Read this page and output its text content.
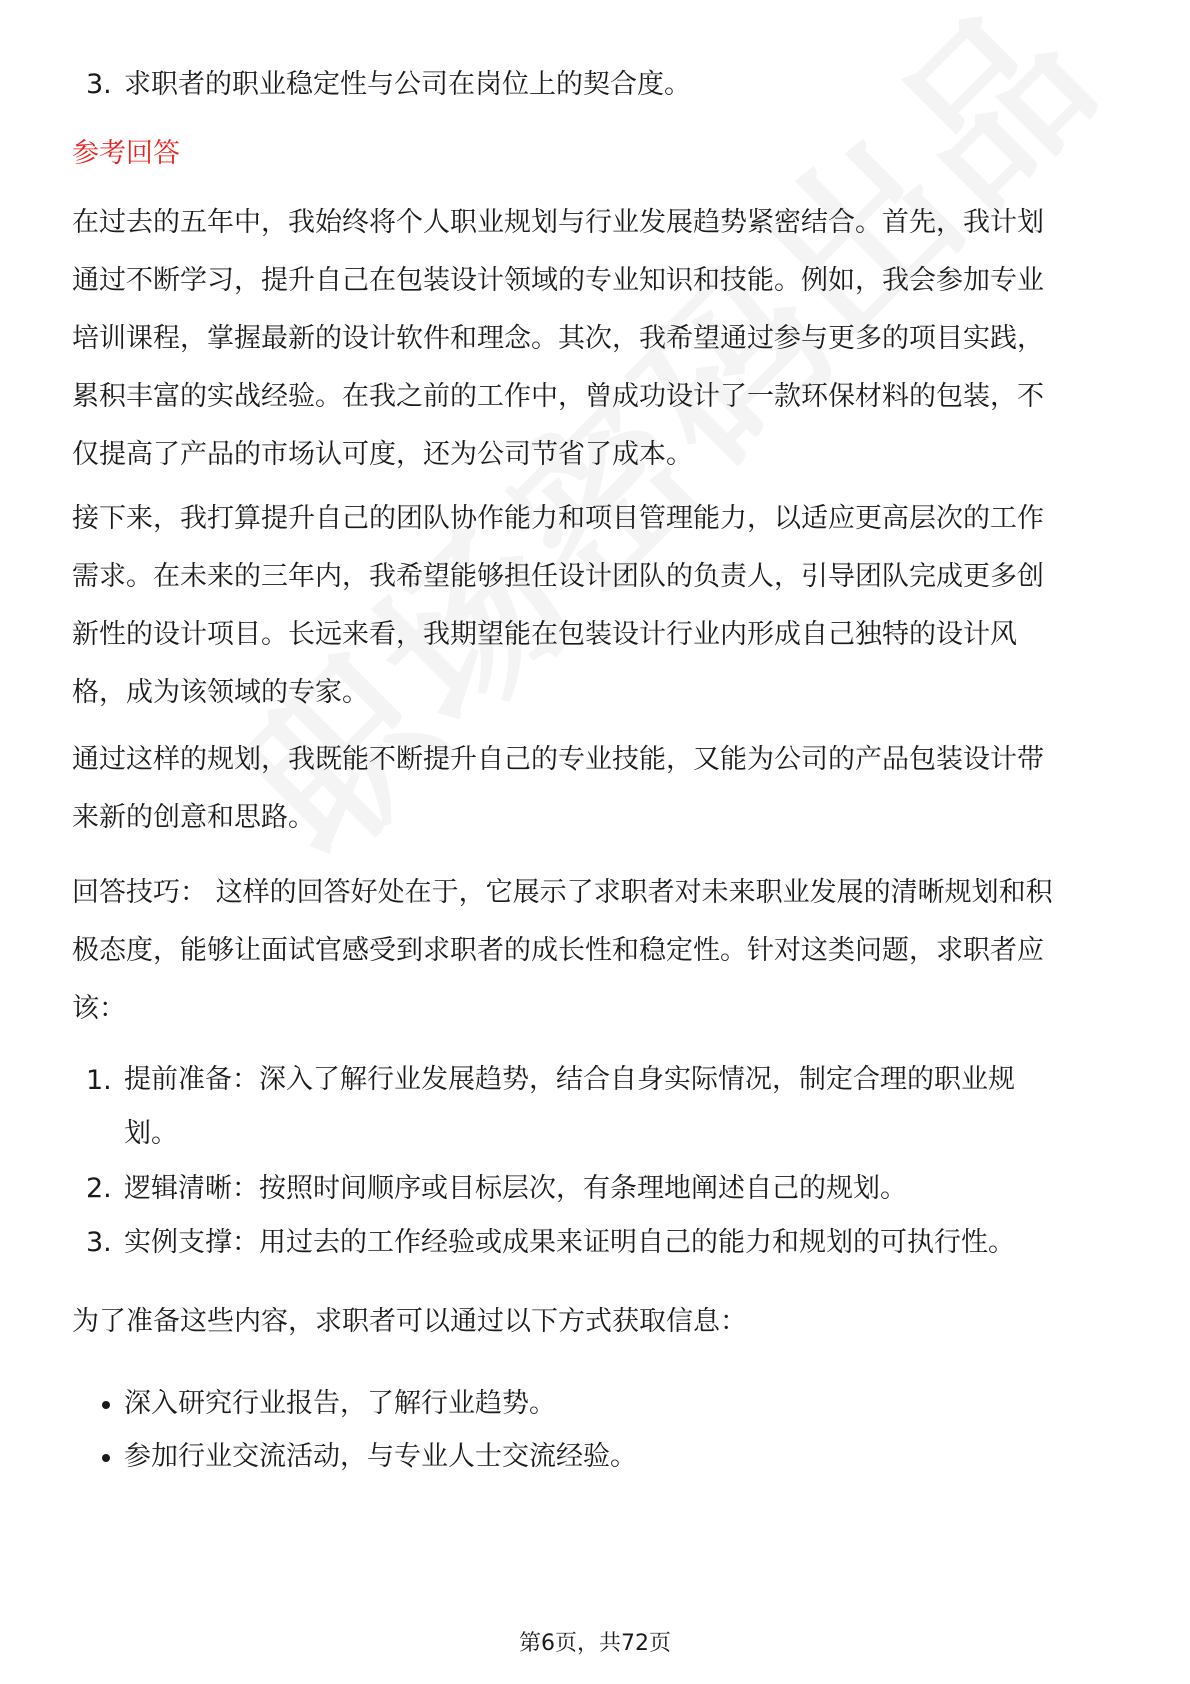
3. 求职者的职业稳定性与公司在岗位上的契合度。
参考回答
在过去的五年中，我始终将个人职业规划与行业发展趋势紧密结合。首先，我计划通过不断学习，提升自己在包装设计领域的专业知识和技能。例如，我会参加专业培训课程，掌握最新的设计软件和理念。其次，我希望通过参与更多的项目实践，累积丰富的实战经验。在我之前的工作中，曾成功设计了一款环保材料的包装，不仅提高了产品的市场认可度，还为公司节省了成本。
接下来，我打算提升自己的团队协作能力和项目管理能力，以适应更高层次的工作需求。在未来的三年内，我希望能够担任设计团队的负责人，引导团队完成更多创新性的设计项目。长远来看，我期望能在包装设计行业内形成自己独特的设计风格，成为该领域的专家。
通过这样的规划，我既能不断提升自己的专业技能，又能为公司的产品包装设计带来新的创意和思路。
回答技巧： 这样的回答好处在于，它展示了求职者对未来职业发展的清晰规划和积极态度，能够让面试官感受到求职者的成长性和稳定性。针对这类问题，求职者应该：
1. 提前准备：深入了解行业发展趋势，结合自身实际情况，制定合理的职业规划。
2. 逻辑清晰：按照时间顺序或目标层次，有条理地阐述自己的规划。
3. 实例支撑：用过去的工作经验或成果来证明自己的能力和规划的可执行性。
为了准备这些内容，求职者可以通过以下方式获取信息：
深入研究行业报告，了解行业趋势。
参加行业交流活动，与专业人士交流经验。
第6页，共72页
